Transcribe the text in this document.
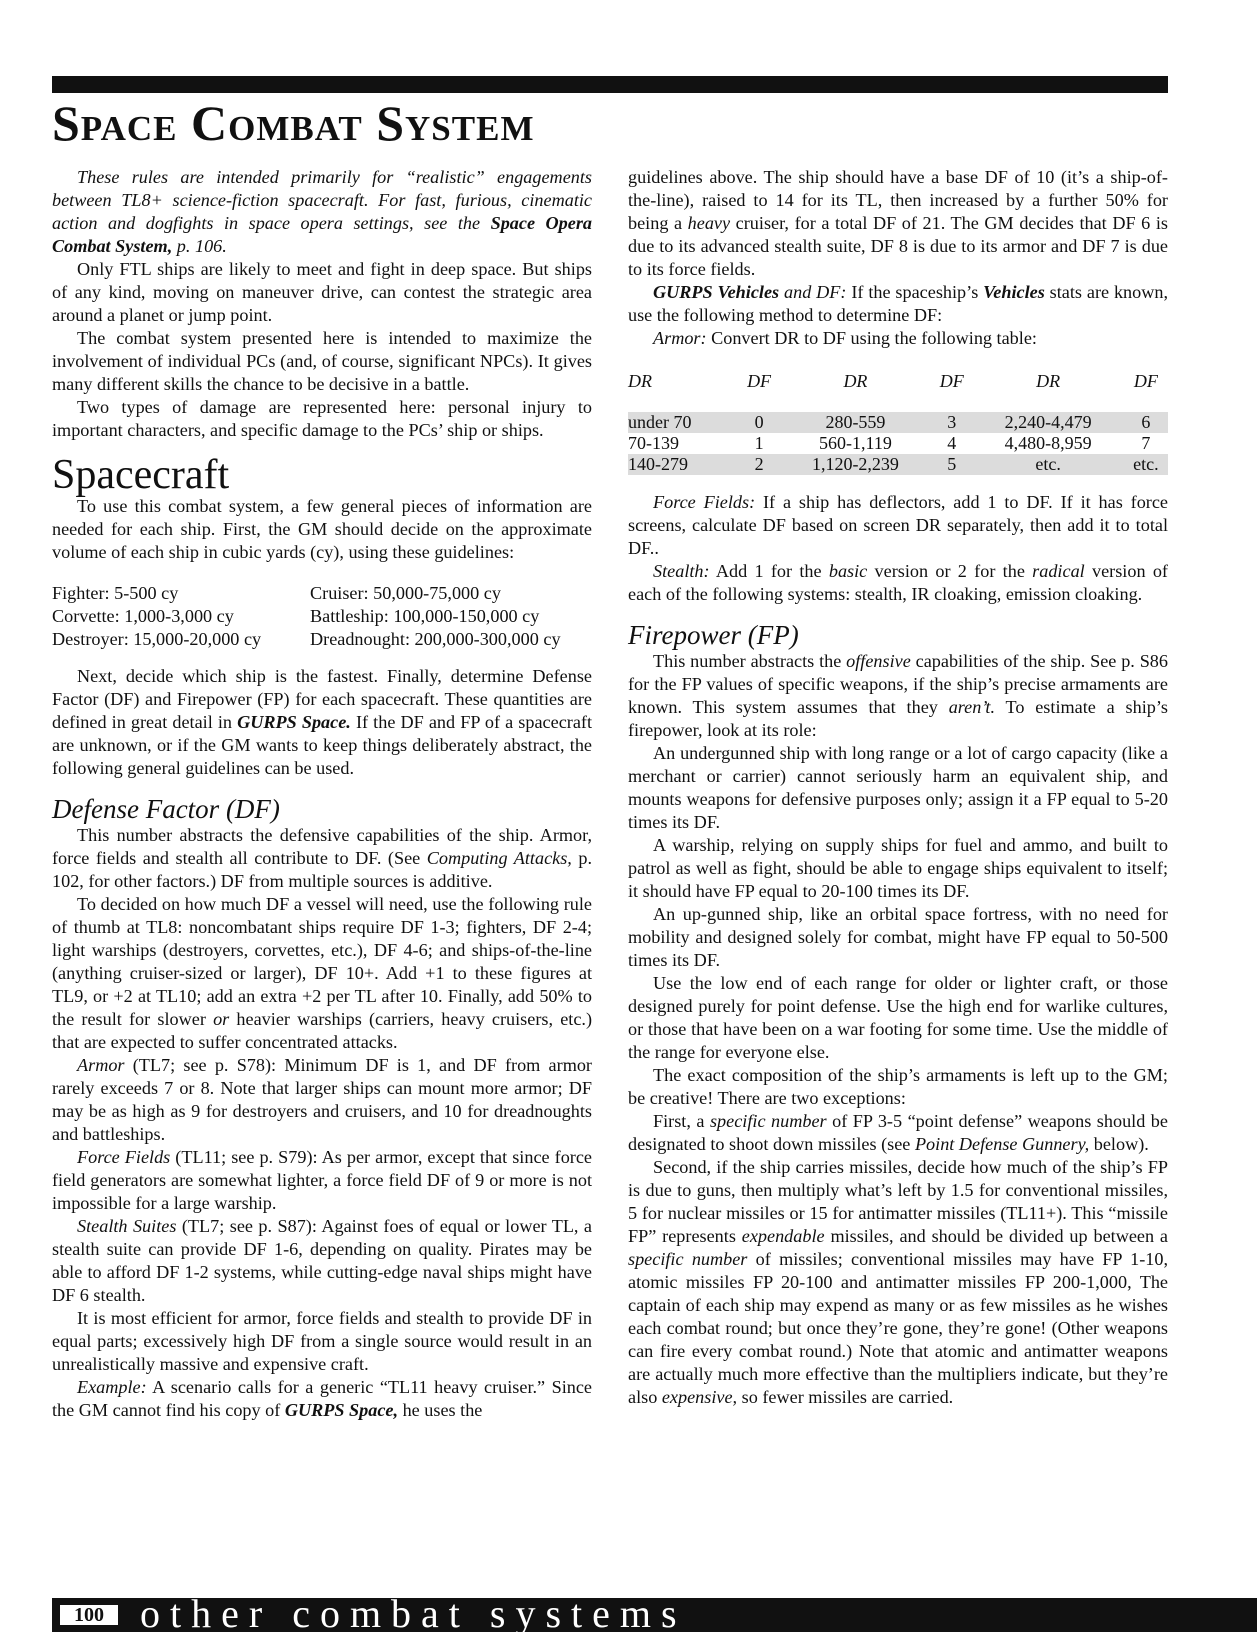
Space Combat System

These rules are intended primarily for “realistic” engagements between TL8+ science-fiction spacecraft. For fast, furious, cinematic action and dogfights in space opera settings, see the Space Opera Combat System, p. 106.

Only FTL ships are likely to meet and fight in deep space. But ships of any kind, moving on maneuver drive, can contest the strategic area around a planet or jump point.

The combat system presented here is intended to maximize the involvement of individual PCs (and, of course, significant NPCs). It gives many different skills the chance to be decisive in a battle.

Two types of damage are represented here: personal injury to important characters, and specific damage to the PCs’ ship or ships.

Spacecraft

To use this combat system, a few general pieces of information are needed for each ship. First, the GM should decide on the approximate volume of each ship in cubic yards (cy), using these guidelines:

Fighter: 5-500 cy	Cruiser: 50,000-75,000 cy
Corvette: 1,000-3,000 cy	Battleship: 100,000-150,000 cy
Destroyer: 15,000-20,000 cy	Dreadnought: 200,000-300,000 cy

Next, decide which ship is the fastest. Finally, determine Defense Factor (DF) and Firepower (FP) for each spacecraft. These quantities are defined in great detail in GURPS Space. If the DF and FP of a spacecraft are unknown, or if the GM wants to keep things deliberately abstract, the following general guidelines can be used.

Defense Factor (DF)

This number abstracts the defensive capabilities of the ship. Armor, force fields and stealth all contribute to DF. (See Computing Attacks, p. 102, for other factors.) DF from multiple sources is additive.

To decided on how much DF a vessel will need, use the following rule of thumb at TL8: noncombatant ships require DF 1-3; fighters, DF 2-4; light warships (destroyers, corvettes, etc.), DF 4-6; and ships-of-the-line (anything cruiser-sized or larger), DF 10+. Add +1 to these figures at TL9, or +2 at TL10; add an extra +2 per TL after 10. Finally, add 50% to the result for slower or heavier warships (carriers, heavy cruisers, etc.) that are expected to suffer concentrated attacks.

Armor (TL7; see p. S78): Minimum DF is 1, and DF from armor rarely exceeds 7 or 8. Note that larger ships can mount more armor; DF may be as high as 9 for destroyers and cruisers, and 10 for dreadnoughts and battleships.

Force Fields (TL11; see p. S79): As per armor, except that since force field generators are somewhat lighter, a force field DF of 9 or more is not impossible for a large warship.

Stealth Suites (TL7; see p. S87): Against foes of equal or lower TL, a stealth suite can provide DF 1-6, depending on quality. Pirates may be able to afford DF 1-2 systems, while cutting-edge naval ships might have DF 6 stealth.

It is most efficient for armor, force fields and stealth to provide DF in equal parts; excessively high DF from a single source would result in an unrealistically massive and expensive craft.

Example: A scenario calls for a generic “TL11 heavy cruiser.” Since the GM cannot find his copy of GURPS Space, he uses the

guidelines above. The ship should have a base DF of 10 (it’s a ship-of-the-line), raised to 14 for its TL, then increased by a further 50% for being a heavy cruiser, for a total DF of 21. The GM decides that DF 6 is due to its advanced stealth suite, DF 8 is due to its armor and DF 7 is due to its force fields.

GURPS Vehicles and DF: If the spaceship’s Vehicles stats are known, use the following method to determine DF:

Armor: Convert DR to DF using the following table:

DR	DF	DR	DF	DR	DF
under 70	0	280-559	3	2,240-4,479	6
70-139	1	560-1,119	4	4,480-8,959	7
140-279	2	1,120-2,239	5	etc.	etc.

Force Fields: If a ship has deflectors, add 1 to DF. If it has force screens, calculate DF based on screen DR separately, then add it to total DF..

Stealth: Add 1 for the basic version or 2 for the radical version of each of the following systems: stealth, IR cloaking, emission cloaking.

Firepower (FP)

This number abstracts the offensive capabilities of the ship. See p. S86 for the FP values of specific weapons, if the ship’s precise armaments are known. This system assumes that they aren’t. To estimate a ship’s firepower, look at its role:

An undergunned ship with long range or a lot of cargo capacity (like a merchant or carrier) cannot seriously harm an equivalent ship, and mounts weapons for defensive purposes only; assign it a FP equal to 5-20 times its DF.

A warship, relying on supply ships for fuel and ammo, and built to patrol as well as fight, should be able to engage ships equivalent to itself; it should have FP equal to 20-100 times its DF.

An up-gunned ship, like an orbital space fortress, with no need for mobility and designed solely for combat, might have FP equal to 50-500 times its DF.

Use the low end of each range for older or lighter craft, or those designed purely for point defense. Use the high end for warlike cultures, or those that have been on a war footing for some time. Use the middle of the range for everyone else.

The exact composition of the ship’s armaments is left up to the GM; be creative! There are two exceptions:

First, a specific number of FP 3-5 “point defense” weapons should be designated to shoot down missiles (see Point Defense Gunnery, below).

Second, if the ship carries missiles, decide how much of the ship’s FP is due to guns, then multiply what’s left by 1.5 for conventional missiles, 5 for nuclear missiles or 15 for antimatter missiles (TL11+). This “missile FP” represents expendable missiles, and should be divided up between a specific number of missiles; conventional missiles may have FP 1-10, atomic missiles FP 20-100 and antimatter missiles FP 200-1,000, The captain of each ship may expend as many or as few missiles as he wishes each combat round; but once they’re gone, they’re gone! (Other weapons can fire every combat round.) Note that atomic and antimatter weapons are actually much more effective than the multipliers indicate, but they’re also expensive, so fewer missiles are carried.

100 other combat systems
